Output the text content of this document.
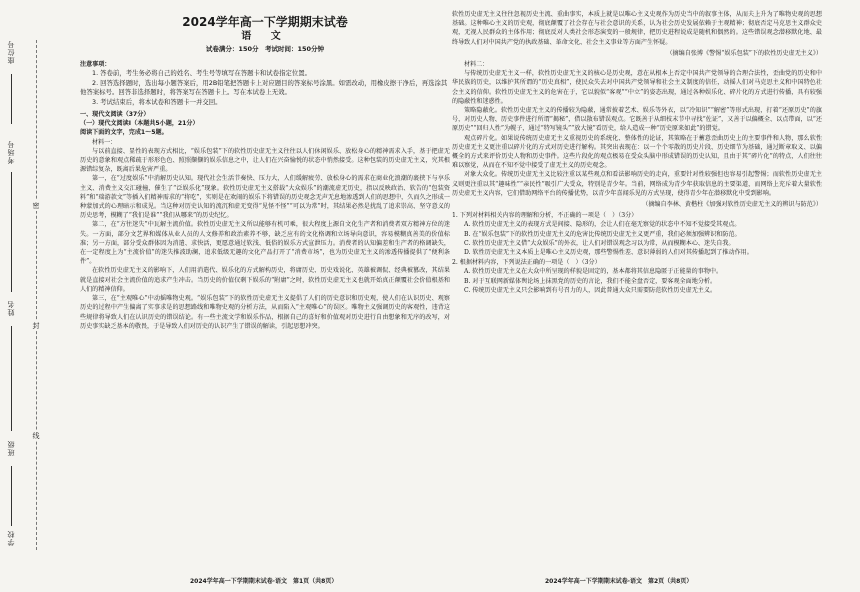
座位号
考场号
姓名
班级
学校
密
封
线
2024学年高一下学期期末试卷
语 文
试卷满分：150分　考试时间：150分钟
注意事项：
1. 答卷前，考生务必将自己的姓名、考生号等填写在答题卡和试卷指定位置。
2. 回答选择题时，选出每小题答案后，用2B铅笔把答题卡上对应题目的答案标号涂黑。如需改动，用橡皮擦干净后，再选涂其他答案标号。回答非选择题时，将答案写在答题卡上。写在本试卷上无效。
3. 考试结束后，将本试卷和答题卡一并交回。
一、现代文阅读（37分）
（一）现代文阅读Ⅰ（本题共5小题，21分）
阅读下面的文字，完成1～5题。

材料一：

与以前直接、显性的表现方式相比，“娱乐包装”下的软性历史虚无主义往往以人们休闲娱乐、放松身心的精神需求入手，基于把虚无历史的意象和观点稀疏于形形色色、照照撷撷的娱乐信息之中，让人们在兴奋愉悦的状态中悄然接受。这种包装的历史虚无主义，究其根源错综复杂，既离后果危害严重。

第一，在“过度娱乐”中消解历史认知。现代社会生活节奏快、压力大，人们缓解疲劳、放松身心的需求在商业化浪潮的裹挟下与享乐主义、消费主义交汇碰撞，催生了“泛娱乐化”现象。软性历史虚无主义搭载“大众娱乐”的潮流虚无历史，指以反映政治、软告的“包装资料”和“瑞游款文”等插入们精神需求的“将吃”，实则是在欢闹的娱乐下将错误的历史观念无声无息地渗透到人们的思想中，久而久之形成一种蒙加式的心理暗示和成见。当这种对历史认知的流沉和虚无变得“见怪不怪”“可以为常”时，其结果必然是扰乱了追求崇高、坚守意义的历史思考，模糊了“我们是谁”“我们从哪来”的历史纪忆。

第二，在“方往迷失”中瓦解主流价值。软性历史虚无主义所以能够有机可乘，很大程度上源自文化生产者和消费者双方精神方位的迷失。一方面，部分文艺界和媒体从业人员的人文修养和政治素养不够，缺乏应有的文化格调和立场导向意识，容易模糊真善美的价值标准；另一方面，部分受众群体因为消遣、求快活，更愿意通过软浅、低俗的娱乐方式宣泄压力。消费者的认知偏差和生产者的格调缺失，在一定程度上为“主流价值”的迷失推波助澜，追求低级无趣的文化产品打开了“消费市场”，也为历史虚无主义的渗透传播提供了“便利条件”。

在软性历史虚无主义的影响下，人们用消遣代、娱乐化的方式解构历史，将庸历史、历史戏说化、英雄被调侃、经典被篡改，其结果就是直接对社会主流价值的追求产生冲击。当历史的价值仅剩下娱乐的“附庸”之时，软性历史虚无主义也就开始真正颠覆社会价值根基和人们的精神信仰。

第三，在“主观唯心”中动摇唯物史观。“娱乐包装”下的软性历史虚无主义提倡了人们的历史意识和历史观，使人们在认识历史、观察历史的过程中产生偏离了实事求是的思想路线和唯物史观的分析方法，从而陷入“主观唯心”的误区。唯物主义强调历史的客观性，违背这些规律将导致人们在认识历史的错误结论。有一些主流文学和娱乐作品，根据自己的喜好和价值观对历史进行自由想象和无序的改写，对历史事实缺乏基本的敬畏，于是导致人们对历史的认识产生了错误的解读，引起思想冲突。

软性历史虚无主义往往忽视历史主流、重曲事实，本质上就是以唯心主义史观作为历史当中的叙事主体，从而夫上升为了唯物史观的思想基础。这种唯心主义的历史观，彻底颠覆了社会存在与社会意识的关系，认为社会历史发展依赖于主观精神；彻底否定马克思主义群众史观，无视人民群众的主体作用；彻底反对人类社会形态演变的一般规律，把历史进程说成是随机和偶然的。这些错误观念潜移默化地、最终导致人们对中国共产党的执政基础、革命文化、社会主义事业等方面产生怀疑。

（摘编自张博《警惕“娱乐包装”下的软性历史虚无主义》）

材料二：

与传统历史虚无主义一样，软性历史虚无主义的核心是历史观，意在从根本上否定中国共产党领导的合理合法性，歪曲党的历史和中华民族的历史，以维护其所谓的“历史真相”，使民众失去对中国共产党领导和社会主义制度的信任，动摇人们对马克思主义和中国特色社会主义的信仰。软性历史虚无主义的危害在于，它以貌似“客观”“中立”的姿态出现，通过各种娱乐化、碎片化的方式进行传播，具有较强的隐蔽性和迷惑性。

策略隐蔽化。软性历史虚无主义的传播较为隐蔽，通常披着艺术、娱乐等外衣，以“冷知识”“解密”等形式出现，打着“还原历史”的旗号，对历史人物、历史事件进行所谓“揭秘”，借以散布错误观点。它既善于从细枝末节中寻找“佐证”，又善于以偏概全、以点带面，以“还原历史”“回归人性”为幌子，通过“特写镜头”“放大镜”看历史，给人造成一种“历史原来如此”的错觉。

观点碎片化。如果说传统历史虚无主义重视历史的系统化、整体性的论证，其策略在于蓄意歪曲历史上的主要事件和人物，那么软性历史虚无主义更注重以碎片化的方式对历史进行解构。其突出表现在：以一个个零散的历史片段、历史细节为基础，通过断章取义、以偏概全的方式来评价历史人物和历史事件。这些片段化的观点极易在受众头脑中形成错误的历史认知，且由于其“碎片化”的特点，人们往往难以察觉，从而在不知不觉中接受了虚无主义的历史观念。

对象大众化。传统历史虚无主义比较注重以某些观点和看法影响历史的走向，重要针对性较强但也容易引起警惕；而软性历史虚无主义则更注重以其“趣味性”“亲民性”吸引广大受众，特别是青少年。当前，网络成为青少年获取信息的主要渠道，而网络上充斥着大量软性历史虚无主义内容，它们借助网络平台的传播优势，以青少年喜闻乐见的方式呈现，使得青少年在潜移默化中受到影响。

（摘编自李林、黄楷柱《加强对软性历史虚无主义的辨识与防范》）

1. 下列对材料相关内容的理解和分析，不正确的一项是（　）（3分）
A. 软性历史虚无主义的表现方式是间接、隐形的，会让人们在毫无察觉的状态中不知不觉接受其观点。
B. 在“娱乐包装”下的软性历史虚无主义的危害比传统历史虚无主义更严重，我们必须加强辨识和防范。
C. 软性历史虚无主义借“大众娱乐”的外衣，让人们对错误观念习以为常，从而模糊本心、迷失自我。
D. 软性历史虚无主义本质上是唯心主义历史观，那些警惕性差、意识薄弱的人们对其传播起到了推动作用。
2. 根据材料内容，下列说法正确的一项是（　）（3分）
A. 软性历史虚无主义在大众中所呈现的样貌是固定的，基本都将其信息隐匿于正能量的事物中。
B. 对于互联网新媒体舆论场上抹黑党的历史的言论，我们不能全盘否定，要客观全面地分析。
C. 传统历史虚无主义只会影响到有号召力的人，因此普通大众只需要防范软性历史虚无主义。
2024学年高一下学期期末试卷·语文　第1页（共8页）	2024学年高一下学期期末试卷·语文　第2页（共8页）
